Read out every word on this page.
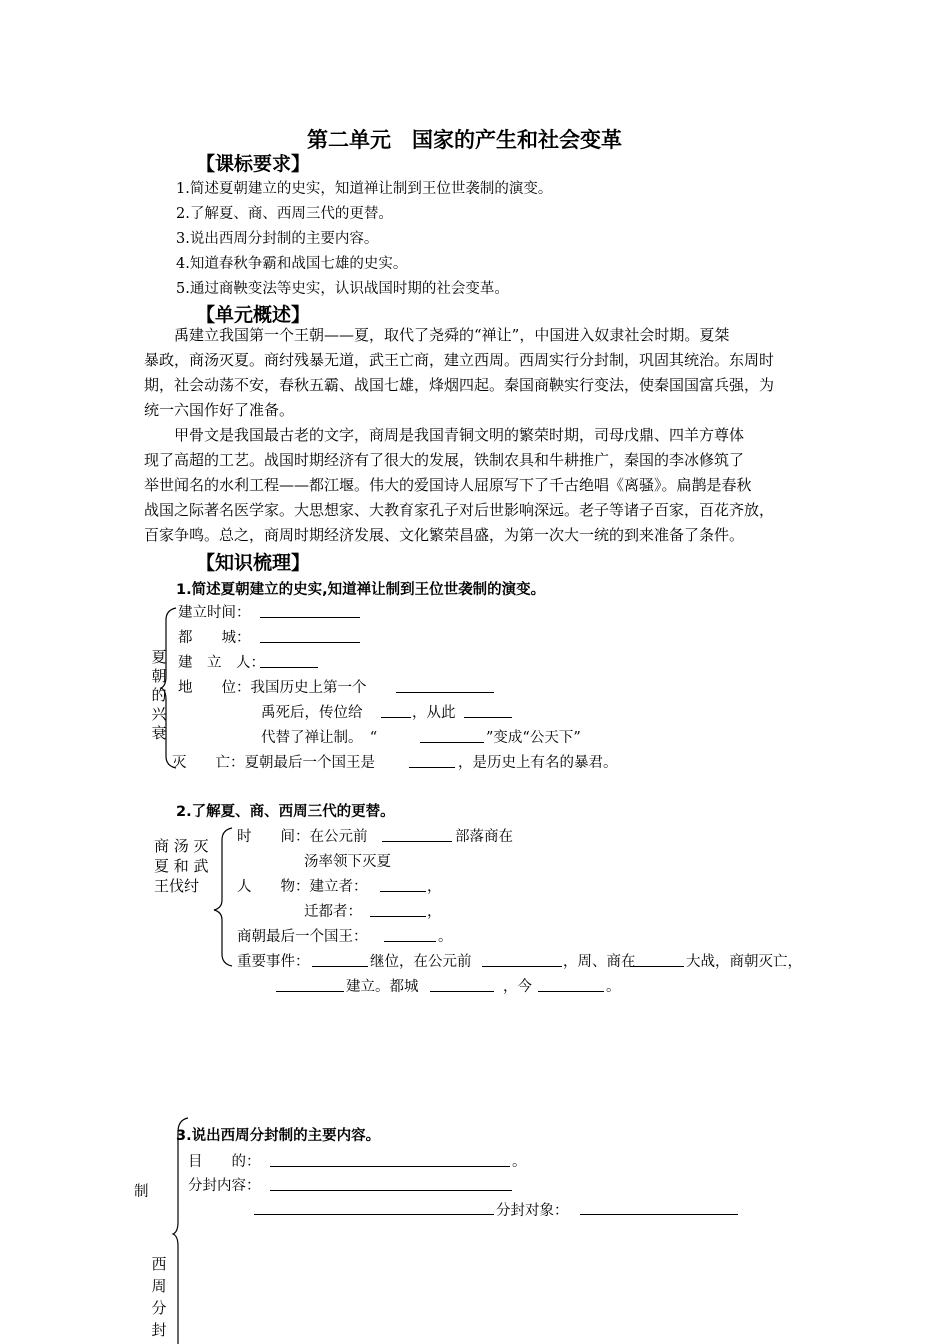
第二单元　国家的产生和社会变革
【课标要求】
1.简述夏朝建立的史实，知道禅让制到王位世袭制的演变。
2.了解夏、商、西周三代的更替。
3.说出西周分封制的主要内容。
4.知道春秋争霸和战国七雄的史实。
5.通过商鞅变法等史实，认识战国时期的社会变革。
【单元概述】
禹建立我国第一个王朝——夏，取代了尧舜的“禅让”，中国进入奴隶社会时期。夏桀
暴政，商汤灭夏。商纣残暴无道，武王亡商，建立西周。西周实行分封制，巩固其统治。东周时
期，社会动荡不安，春秋五霸、战国七雄，烽烟四起。秦国商鞅实行变法，使秦国国富兵强，为
统一六国作好了准备。
甲骨文是我国最古老的文字，商周是我国青铜文明的繁荣时期，司母戊鼎、四羊方尊体
现了高超的工艺。战国时期经济有了很大的发展，铁制农具和牛耕推广，秦国的李冰修筑了
举世闻名的水利工程——都江堰。伟大的爱国诗人屈原写下了千古绝唱《离骚》。扁鹊是春秋
战国之际著名医学家。大思想家、大教育家孔子对后世影响深远。老子等诸子百家，百花齐放，
百家争鸣。总之，商周时期经济发展、文化繁荣昌盛，为第一次大一统的到来准备了条件。
【知识梳理】
1.简述夏朝建立的史实,知道禅让制到王位世袭制的演变。
夏
朝
的
兴
衰
建立时间：
都　　城：
建　立　人：
地　　位：我国历史上第一个
禹死后，传位给	，从此
代替了禅让制。　“	”变成“公天下”
灭　　亡：夏朝最后一个国王是	，是历史上有名的暴君。
2.了解夏、商、西周三代的更替。
商 汤 灭
夏 和 武
王伐纣
时　　间：在公元前	部落商在
汤率领下灭夏
人　　物：建立者：	，
迁都者：	，
商朝最后一个国王：	。
重要事件：	继位，在公元前	，周、商在	大战，商朝灭亡，
建立。都城	，今	。
3.说出西周分封制的主要内容。
目　　的：	。
分封内容：
分封对象：
制
西
周
分
封
